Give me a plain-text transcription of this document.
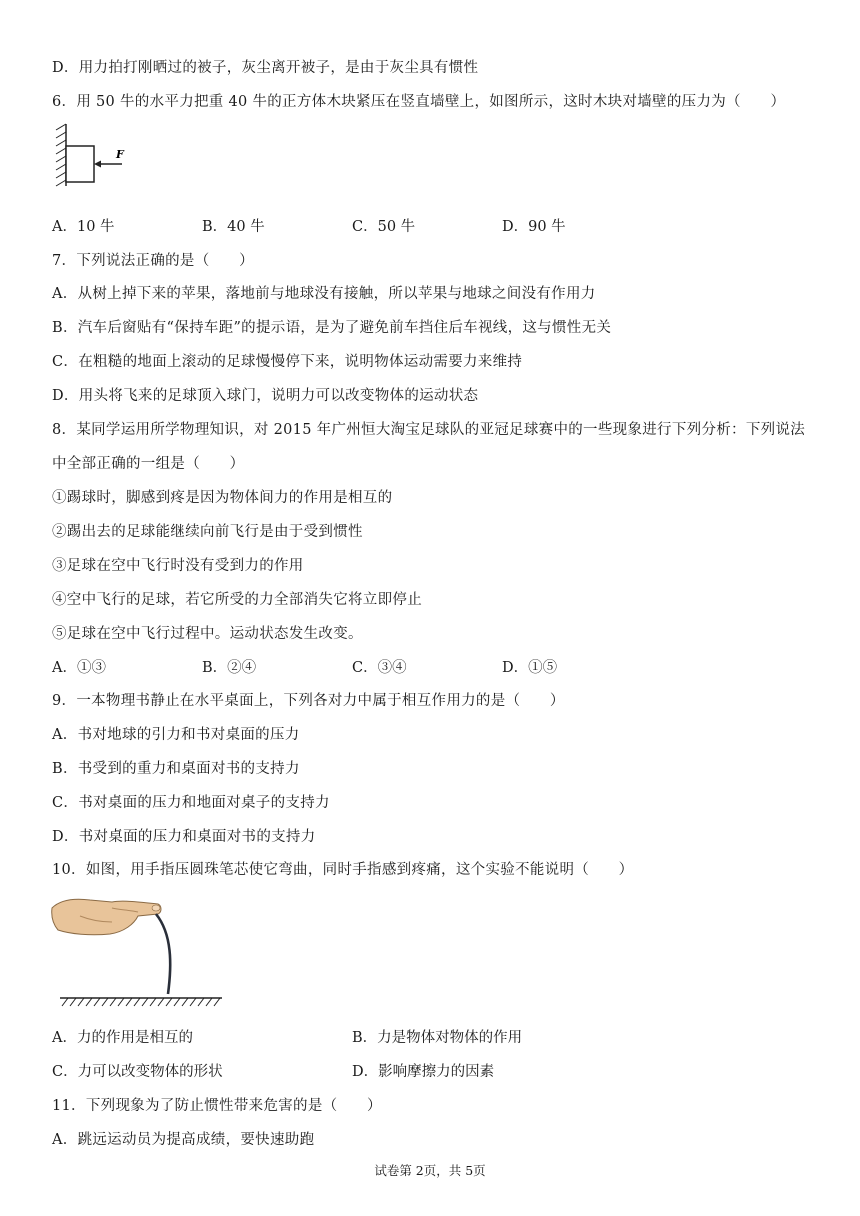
D．用力拍打刚晒过的被子，灰尘离开被子，是由于灰尘具有惯性
6．用 50 牛的水平力把重 40 牛的正方体木块紧压在竖直墙壁上，如图所示，这时木块对墙壁的压力为（　　）
F
A．10 牛	B．40 牛	C．50 牛	D．90 牛
7．下列说法正确的是（　　）
A．从树上掉下来的苹果，落地前与地球没有接触，所以苹果与地球之间没有作用力
B．汽车后窗贴有“保持车距”的提示语，是为了避免前车挡住后车视线，这与惯性无关
C．在粗糙的地面上滚动的足球慢慢停下来，说明物体运动需要力来维持
D．用头将飞来的足球顶入球门，说明力可以改变物体的运动状态
8．某同学运用所学物理知识，对 2015 年广州恒大淘宝足球队的亚冠足球赛中的一些现象进行下列分析：下列说法
中全部正确的一组是（　　）
①踢球时，脚感到疼是因为物体间力的作用是相互的
②踢出去的足球能继续向前飞行是由于受到惯性
③足球在空中飞行时没有受到力的作用
④空中飞行的足球，若它所受的力全部消失它将立即停止
⑤足球在空中飞行过程中。运动状态发生改变。
A．①③	B．②④	C．③④	D．①⑤
9．一本物理书静止在水平桌面上，下列各对力中属于相互作用力的是（　　）
A．书对地球的引力和书对桌面的压力
B．书受到的重力和桌面对书的支持力
C．书对桌面的压力和地面对桌子的支持力
D．书对桌面的压力和桌面对书的支持力
10．如图，用手指压圆珠笔芯使它弯曲，同时手指感到疼痛，这个实验不能说明（　　）
A．力的作用是相互的	B．力是物体对物体的作用
C．力可以改变物体的形状	D．影响摩擦力的因素
11．下列现象为了防止惯性带来危害的是（　　）
A．跳远运动员为提高成绩，要快速助跑
试卷第 2页，共 5页
